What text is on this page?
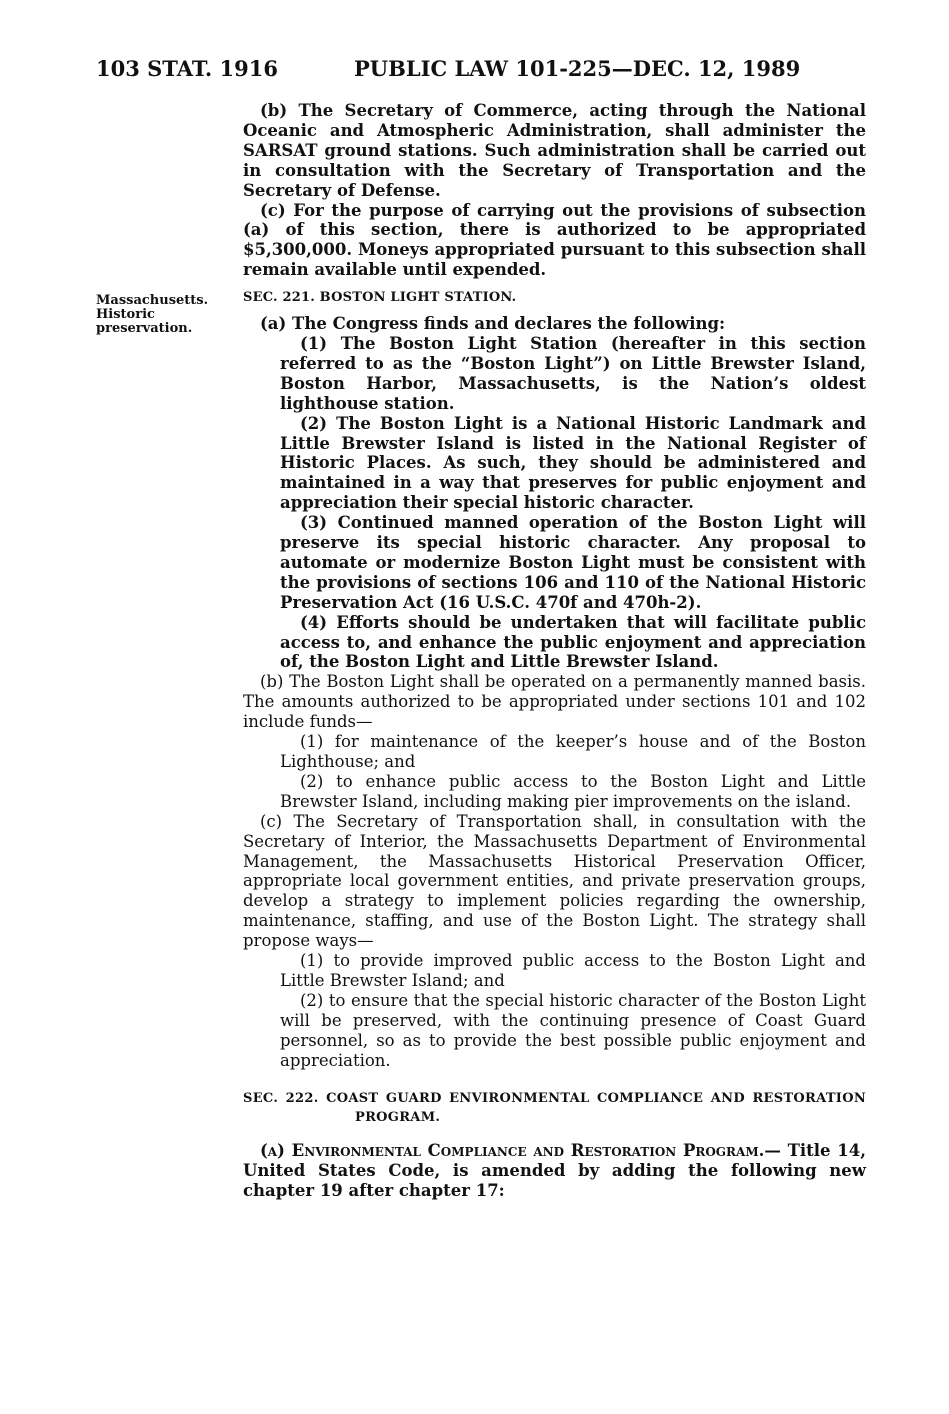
103 STAT. 1916	PUBLIC LAW 101-225—DEC. 12, 1989
Massachusetts.
Historic
preservation.

(b) The Secretary of Commerce, acting through the National Oceanic and Atmospheric Administration, shall administer the SARSAT ground stations. Such administration shall be carried out in consultation with the Secretary of Transportation and the Secretary of Defense.

(c) For the purpose of carrying out the provisions of subsection (a) of this section, there is authorized to be appropriated $5,300,000. Moneys appropriated pursuant to this subsection shall remain available until expended.

SEC. 221. BOSTON LIGHT STATION.

(a) The Congress finds and declares the following:

(1) The Boston Light Station (hereafter in this section referred to as the “Boston Light”) on Little Brewster Island, Boston Harbor, Massachusetts, is the Nation’s oldest lighthouse station.

(2) The Boston Light is a National Historic Landmark and Little Brewster Island is listed in the National Register of Historic Places. As such, they should be administered and maintained in a way that preserves for public enjoyment and appreciation their special historic character.

(3) Continued manned operation of the Boston Light will preserve its special historic character. Any proposal to automate or modernize Boston Light must be consistent with the provisions of sections 106 and 110 of the National Historic Preservation Act (16 U.S.C. 470f and 470h-2).

(4) Efforts should be undertaken that will facilitate public access to, and enhance the public enjoyment and appreciation of, the Boston Light and Little Brewster Island.

(b) The Boston Light shall be operated on a permanently manned basis. The amounts authorized to be appropriated under sections 101 and 102 include funds—

(1) for maintenance of the keeper’s house and of the Boston Lighthouse; and

(2) to enhance public access to the Boston Light and Little Brewster Island, including making pier improvements on the island.

(c) The Secretary of Transportation shall, in consultation with the Secretary of Interior, the Massachusetts Department of Environmental Management, the Massachusetts Historical Preservation Officer, appropriate local government entities, and private preservation groups, develop a strategy to implement policies regarding the ownership, maintenance, staffing, and use of the Boston Light. The strategy shall propose ways—

(1) to provide improved public access to the Boston Light and Little Brewster Island; and

(2) to ensure that the special historic character of the Boston Light will be preserved, with the continuing presence of Coast Guard personnel, so as to provide the best possible public enjoyment and appreciation.

SEC. 222. COAST GUARD ENVIRONMENTAL COMPLIANCE AND RESTORATION PROGRAM.

(a) Environmental Compliance and Restoration Program.— Title 14, United States Code, is amended by adding the following new chapter 19 after chapter 17:
